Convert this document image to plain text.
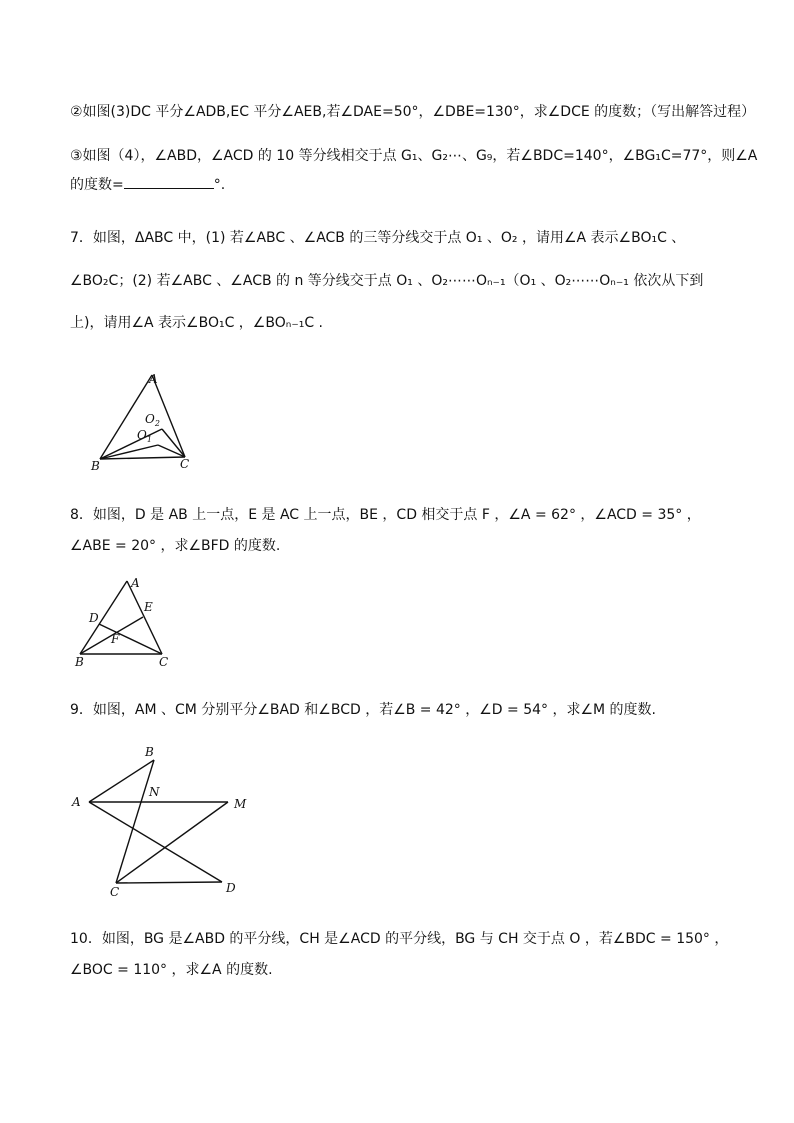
②如图(3)DC 平分∠ADB,EC 平分∠AEB,若∠DAE=50°，∠DBE=130°，求∠DCE 的度数；（写出解答过程）
③如图（4），∠ABD，∠ACD 的 10 等分线相交于点 G₁、G₂⋯、G₉，若∠BDC=140°，∠BG₁C=77°，则∠A
的度数=	°.
7．如图，ΔABC 中，(1) 若∠ABC 、∠ACB 的三等分线交于点 O₁ 、O₂ ，请用∠A 表示∠BO₁C 、
∠BO₂C；(2) 若∠ABC 、∠ACB 的 n 等分线交于点 O₁ 、O₂⋯⋯Oₙ₋₁（O₁ 、O₂⋯⋯Oₙ₋₁ 依次从下到
上)，请用∠A 表示∠BO₁C ，∠BOₙ₋₁C .
A
$O_2$
$O_1$
B	C
8．如图，D 是 AB 上一点，E 是 AC 上一点，BE ，CD 相交于点 F ，∠A = 62° ，∠ACD = 35° ，
∠ABE = 20° ，求∠BFD 的度数.
A
D
E
F
B	C
9．如图，AM 、CM 分别平分∠BAD 和∠BCD ，若∠B = 42° ，∠D = 54° ，求∠M 的度数.
B
N
A	M
C	D
10．如图，BG 是∠ABD 的平分线，CH 是∠ACD 的平分线，BG 与 CH 交于点 O ，若∠BDC = 150° ，
∠BOC = 110° ，求∠A 的度数.
